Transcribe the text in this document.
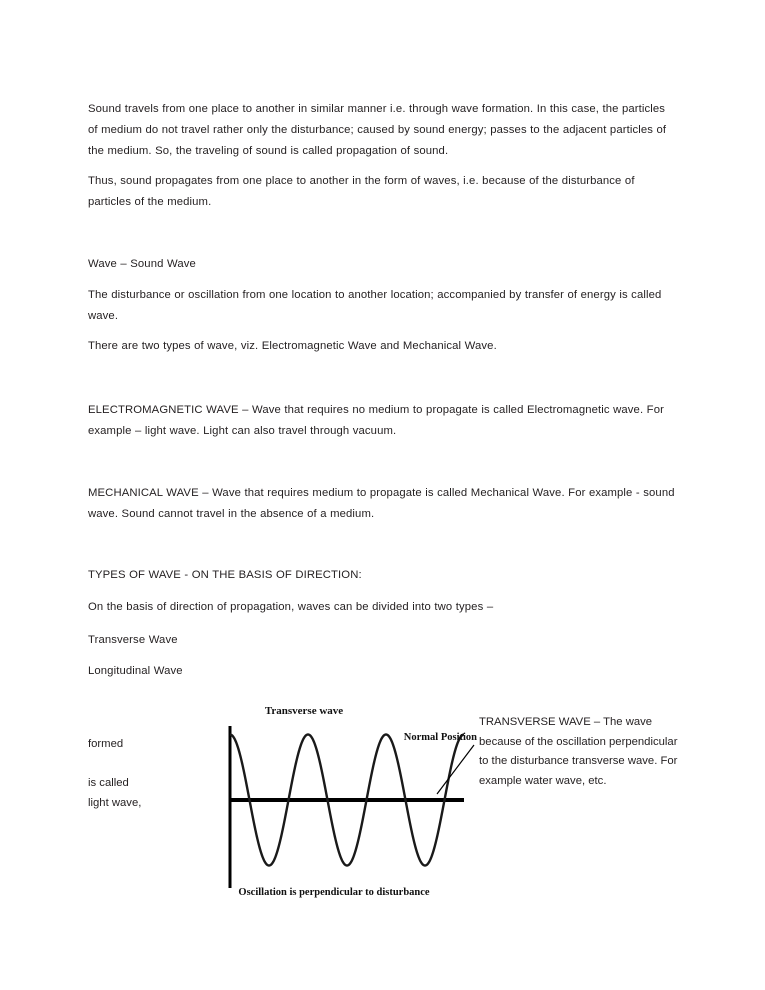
Sound travels from one place to another in similar manner i.e. through wave formation. In this case, the particles of medium do not travel rather only the disturbance; caused by sound energy; passes to the adjacent particles of the medium. So, the traveling of sound is called propagation of sound.

Thus, sound propagates from one place to another in the form of waves, i.e. because of the disturbance of particles of the medium.

Wave – Sound Wave

The disturbance or oscillation from one location to another location; accompanied by transfer of energy is called wave.

There are two types of wave, viz. Electromagnetic Wave and Mechanical Wave.

ELECTROMAGNETIC WAVE – Wave that requires no medium to propagate is called Electromagnetic wave. For example – light wave. Light can also travel through vacuum.

MECHANICAL WAVE – Wave that requires medium to propagate is called Mechanical Wave. For example - sound wave. Sound cannot travel in the absence of a medium.

TYPES OF WAVE - ON THE BASIS OF DIRECTION:

On the basis of direction of propagation, waves can be divided into two types –

Transverse Wave

Longitudinal Wave

formed
is called
light wave,
Transverse wave
Normal Position
Oscillation is perpendicular to disturbance
TRANSVERSE WAVE – The wave because of the oscillation perpendicular to the disturbance transverse wave. For example water wave, etc.
